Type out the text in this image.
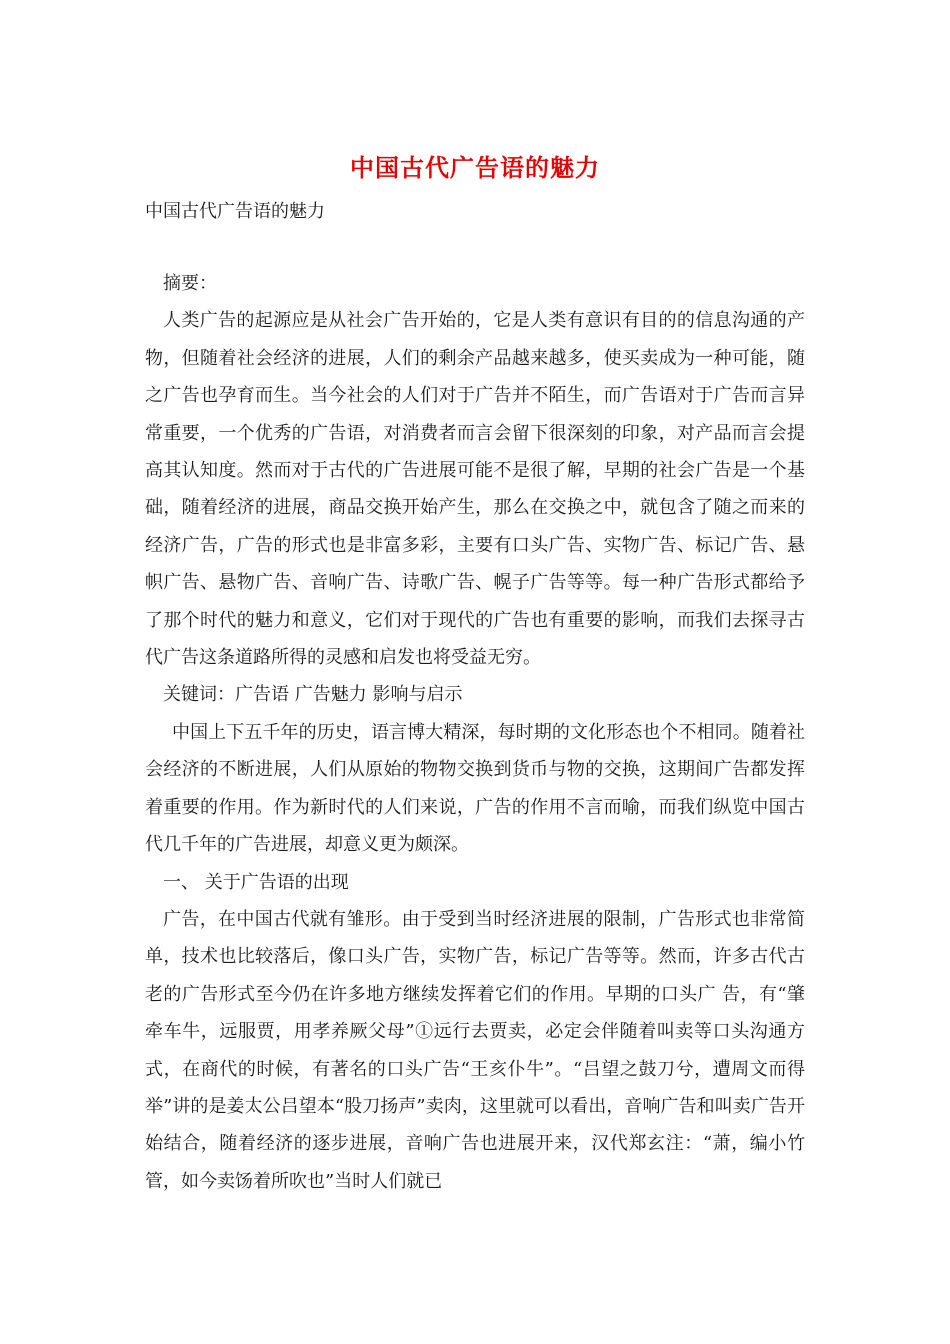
中国古代广告语的魅力
中国古代广告语的魅力

摘要：

人类广告的起源应是从社会广告开始的，它是人类有意识有目的的信息沟通的产物，但随着社会经济的进展，人们的剩余产品越来越多，使买卖成为一种可能，随之广告也孕育而生。当今社会的人们对于广告并不陌生，而广告语对于广告而言异常重要，一个优秀的广告语，对消费者而言会留下很深刻的印象，对产品而言会提高其认知度。然而对于古代的广告进展可能不是很了解，早期的社会广告是一个基础，随着经济的进展，商品交换开始产生，那么在交换之中，就包含了随之而来的经济广告，广告的形式也是非富多彩，主要有口头广告、实物广告、标记广告、悬帜广告、悬物广告、音响广告、诗歌广告、幌子广告等等。每一种广告形式都给予了那个时代的魅力和意义，它们对于现代的广告也有重要的影响，而我们去探寻古代广告这条道路所得的灵感和启发也将受益无穷。

关键词：广告语 广告魅力 影响与启示

中国上下五千年的历史，语言博大精深，每时期的文化形态也个不相同。随着社会经济的不断进展，人们从原始的物物交换到货币与物的交换，这期间广告都发挥着重要的作用。作为新时代的人们来说，广告的作用不言而喻，而我们纵览中国古代几千年的广告进展，却意义更为颇深。

一、 关于广告语的出现

广告，在中国古代就有雏形。由于受到当时经济进展的限制，广告形式也非常简单，技术也比较落后，像口头广告，实物广告，标记广告等等。然而，许多古代古老的广告形式至今仍在许多地方继续发挥着它们的作用。早期的口头广 告，有“肇牵车牛，远服贾，用孝养厥父母”①远行去贾卖，必定会伴随着叫卖等口头沟通方式，在商代的时候，有著名的口头广告“王亥仆牛”。“吕望之鼓刀兮，遭周文而得举”讲的是姜太公吕望本“股刀扬声”卖肉，这里就可以看出，音响广告和叫卖广告开始结合，随着经济的逐步进展，音响广告也进展开来，汉代郑玄注：“萧，编小竹管，如今卖饧着所吹也”当时人们就已
